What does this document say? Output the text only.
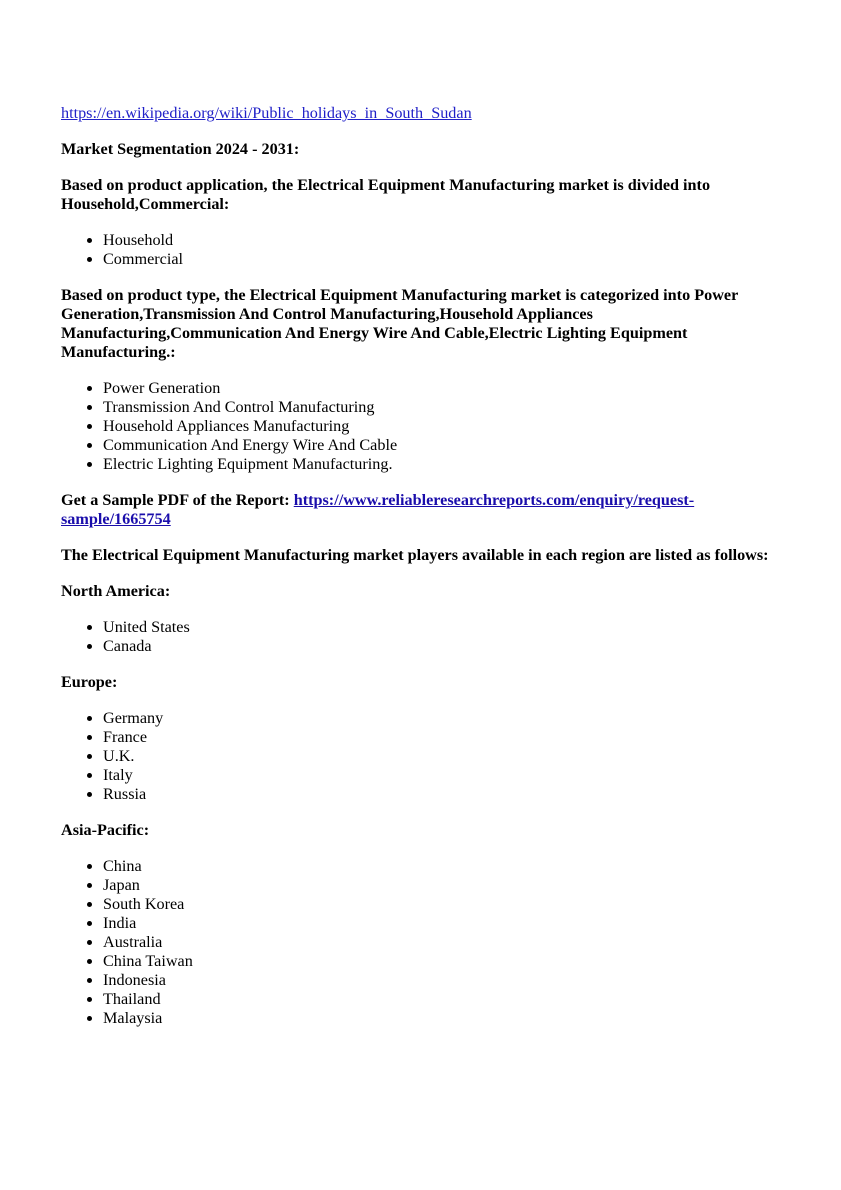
https://en.wikipedia.org/wiki/Public_holidays_in_South_Sudan

Market Segmentation 2024 - 2031:

Based on product application, the Electrical Equipment Manufacturing market is divided into Household,Commercial:

• Household
• Commercial

Based on product type, the Electrical Equipment Manufacturing market is categorized into Power Generation,Transmission And Control Manufacturing,Household Appliances Manufacturing,Communication And Energy Wire And Cable,Electric Lighting Equipment Manufacturing.:

• Power Generation
• Transmission And Control Manufacturing
• Household Appliances Manufacturing
• Communication And Energy Wire And Cable
• Electric Lighting Equipment Manufacturing.

Get a Sample PDF of the Report: https://www.reliableresearchreports.com/enquiry/request-sample/1665754

The Electrical Equipment Manufacturing market players available in each region are listed as follows:

North America:

• United States
• Canada

Europe:

• Germany
• France
• U.K.
• Italy
• Russia

Asia-Pacific:

• China
• Japan
• South Korea
• India
• Australia
• China Taiwan
• Indonesia
• Thailand
• Malaysia
